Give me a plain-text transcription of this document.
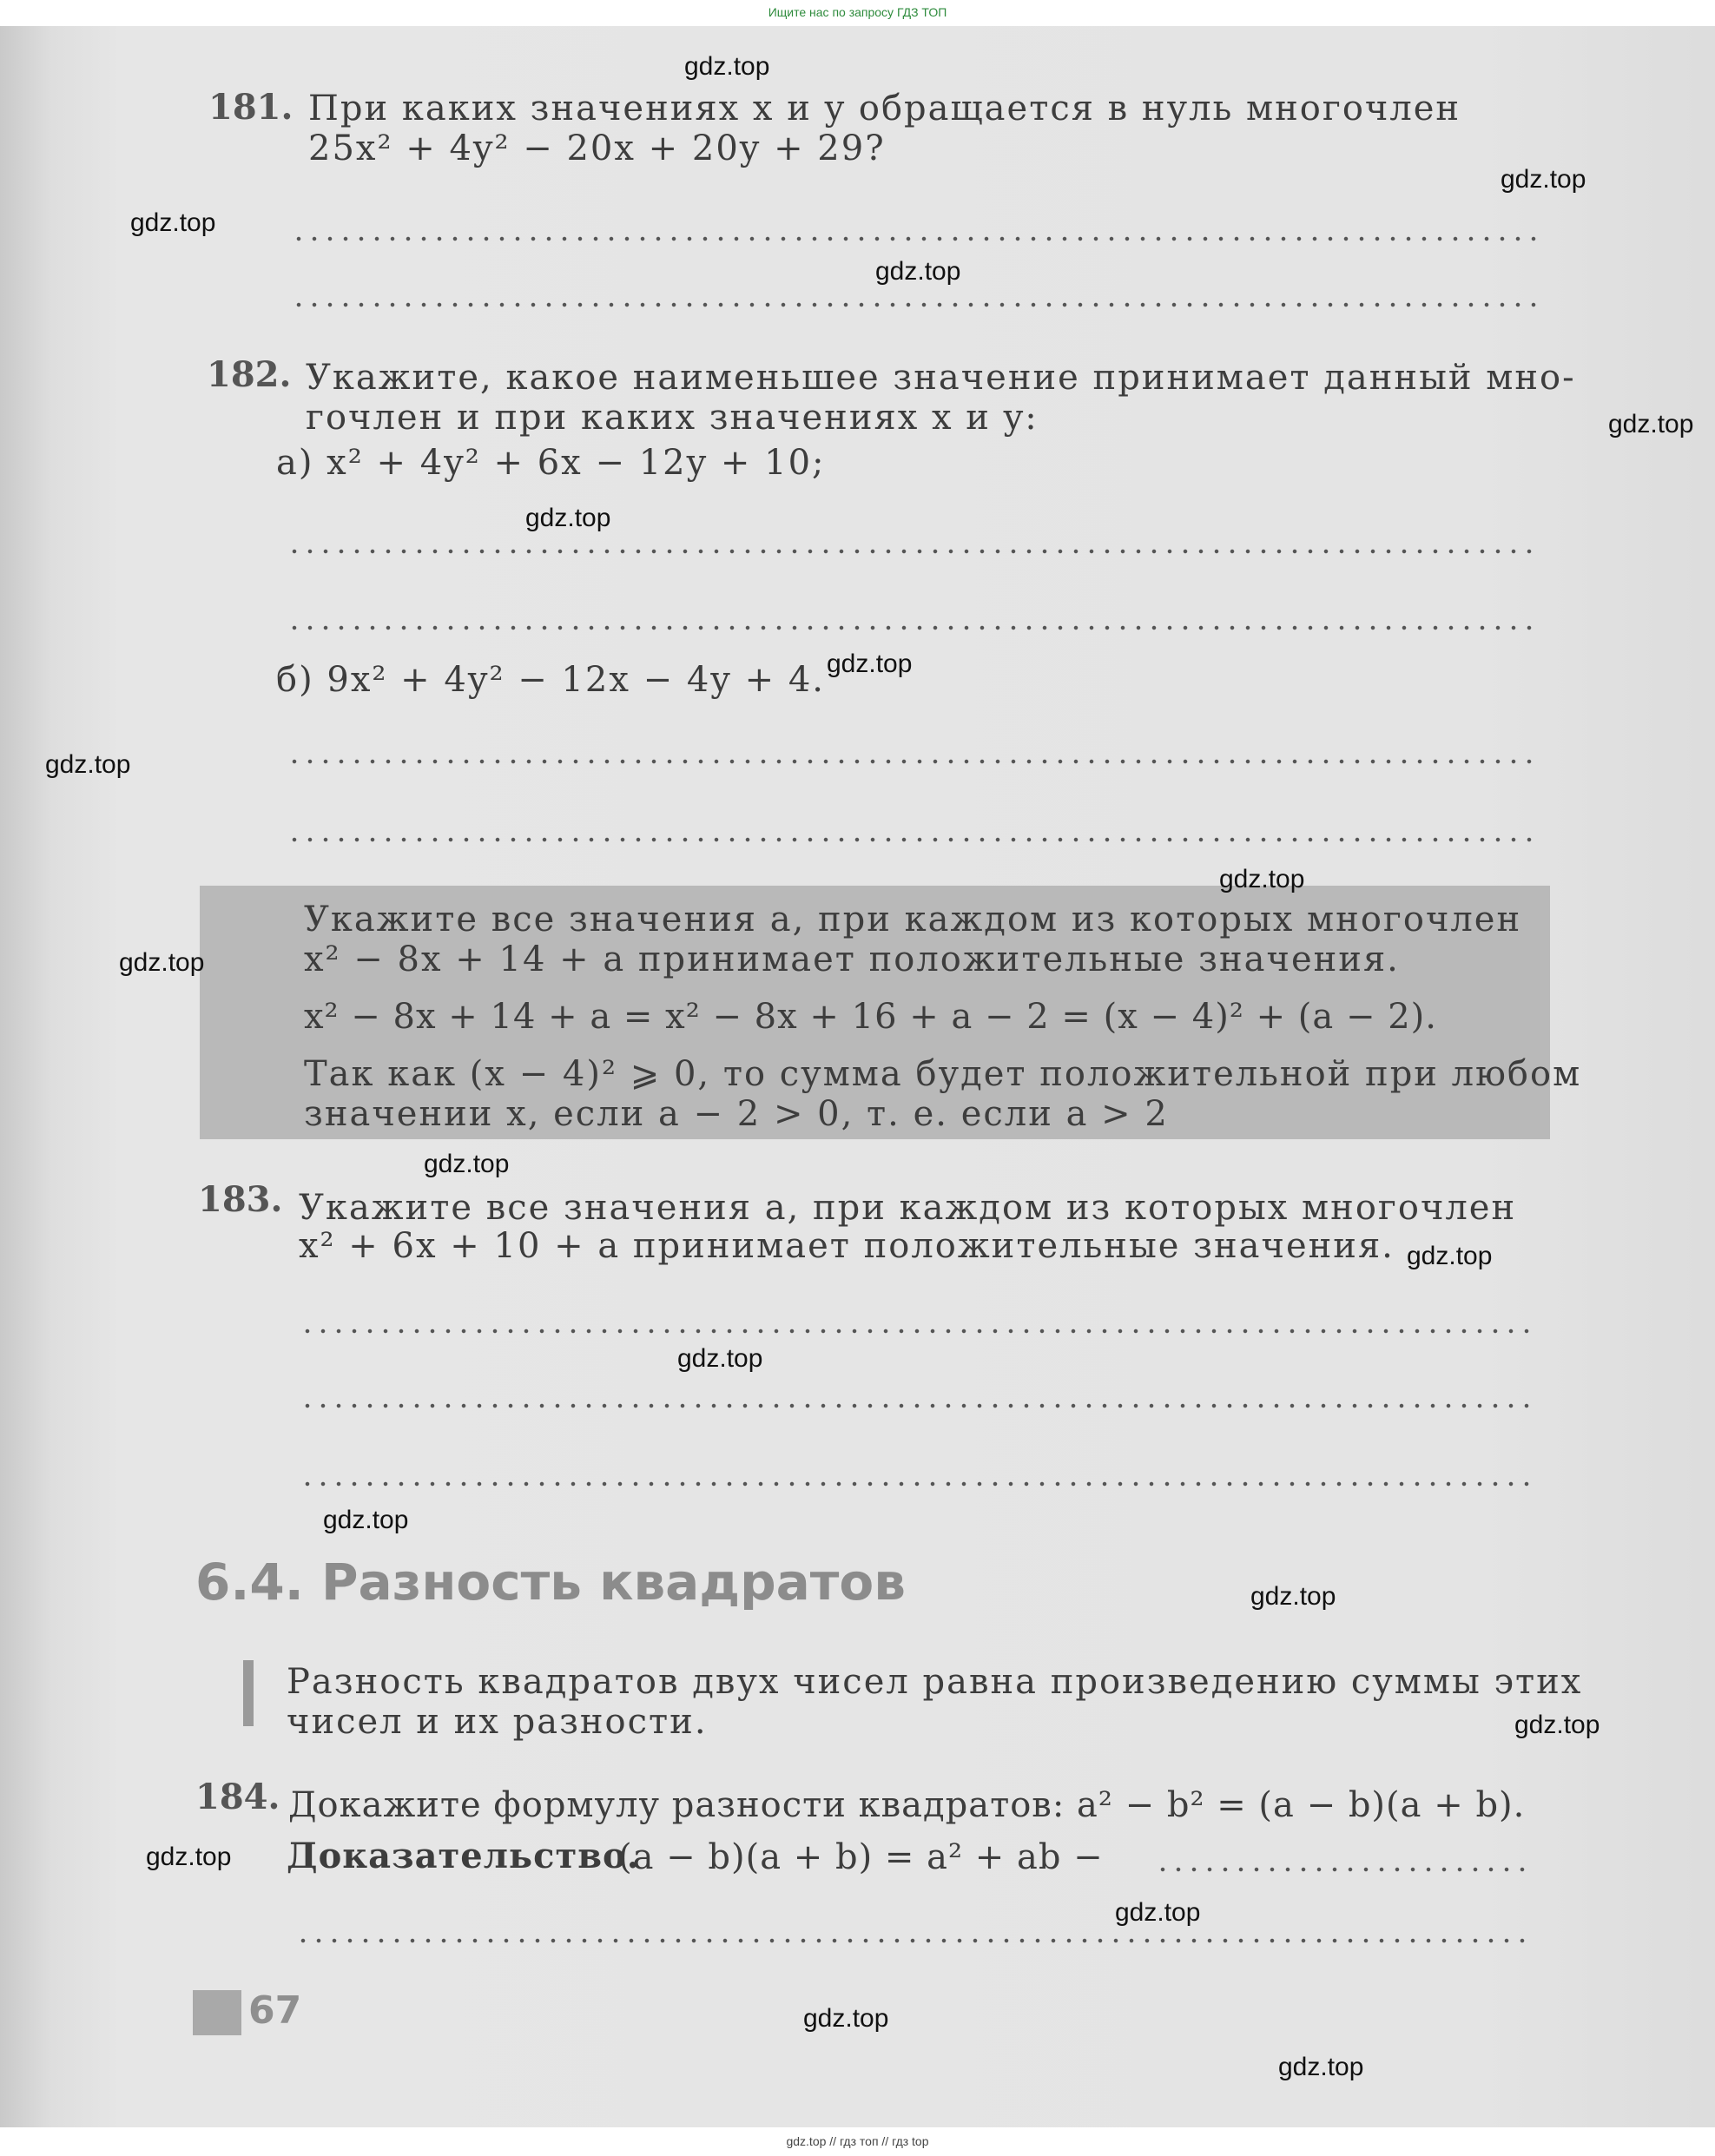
Ищите нас по запросу ГДЗ ТОП
181. При каких значениях x и y обращается в нуль многочлен
25x² + 4y² − 20x + 20y + 29?
182. Укажите, какое наименьшее значение принимает данный мно-
гочлен и при каких значениях x и y:
а) x² + 4y² + 6x − 12y + 10;
б) 9x² + 4y² − 12x − 4y + 4.
Укажите все значения a, при каждом из которых многочлен
x² − 8x + 14 + a принимает положительные значения.
x² − 8x + 14 + a = x² − 8x + 16 + a − 2 = (x − 4)² + (a − 2).
Так как (x − 4)² ⩾ 0, то сумма будет положительной при любом
значении x, если a − 2 > 0, т. е. если a > 2
183. Укажите все значения a, при каждом из которых многочлен
x² + 6x + 10 + a принимает положительные значения.
6.4. Разность квадратов
Разность квадратов двух чисел равна произведению суммы этих
чисел и их разности.
184. Докажите формулу разности квадратов: a² − b² = (a − b)(a + b).
Доказательство.
(a − b)(a + b) = a² + ab −
67
gdz.top
gdz.top
gdz.top
gdz.top
gdz.top
gdz.top
gdz.top
gdz.top
gdz.top
gdz.top
gdz.top
gdz.top
gdz.top
gdz.top
gdz.top
gdz.top
gdz.top
gdz.top
gdz.top
gdz.top
gdz.top // гдз топ // гдз top
